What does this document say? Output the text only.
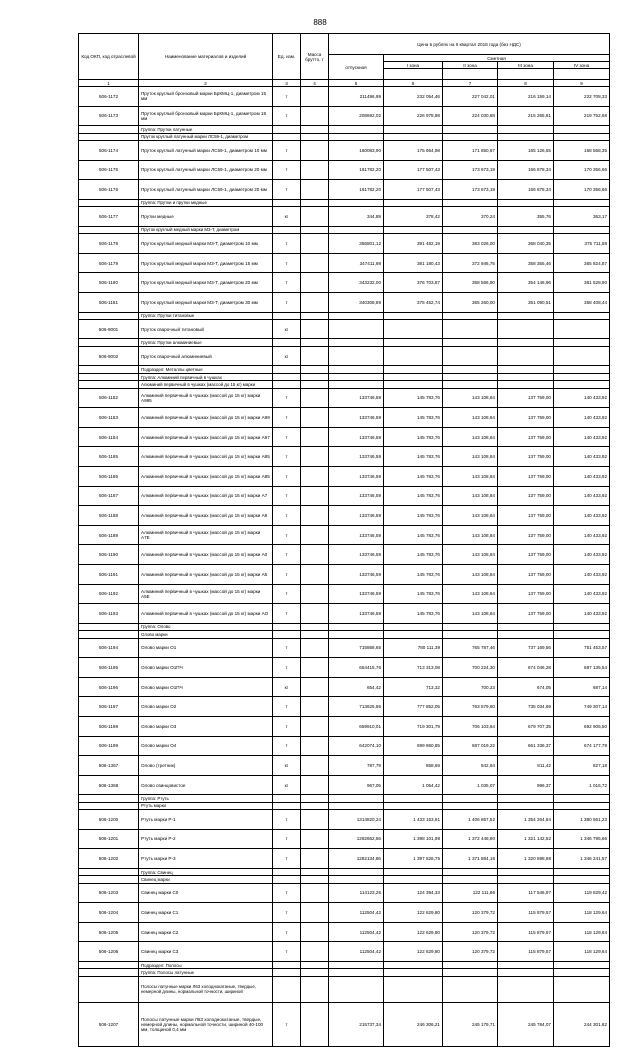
888
Код ОКП, код отраслевой	Наименование материалов и изделий	Ед. изм.	Масса брутто, т	Цена в рублях на II квартал 2018 года (без НДС)				
				отпускная	Сметная			
					I зона	II зона	III зона	IV зона

1	2	3	4	5	6	7	8	9
506-1172	Пруток круглый бронзовый марки БрКМЦ-1, диаметром 15 мм	т		211496,99	232 054,46	227 042,01	216 159,14	222 708,33
506-1173	Пруток круглый бронзовый марки БрКМЦ-1, диаметром 18 мм	т		208692,02	226 978,88	224 030,88	215 265,81	219 752,68
	Группа: Прутки латунные							
	Пруток круглый латунный марки ЛС59-1, диаметром							
506-1174	Пруток круглый латунный марки ЛС59-1, диаметром 10 мм	т		160083,90	175 664,98	171 850,67	165 126,55	168 568,35
506-1175	Пруток круглый латунный марки ЛС59-1, диаметром 20 мм	т		161782,20	177 507,43	173 673,19	166 878,34	170 356,66
506-1176	Пруток круглый латунный марки ЛС59-1, диаметром 20 мм	т		161782,20	177 507,43	173 673,19	166 878,34	170 356,66
	Группа: Прутки и прутки медные							
506-1177	Прутки медные	кг		344,89	378,42	370,24	355,76	363,17
	Пруток круглый медный марки М3-Т, диаметром							
506-1178	Пруток круглый медный марки М3-Т, диаметром 10 мм	т		356801,12	391 482,19	383 026,00	368 040,35	375 711,58
506-1179	Пруток круглый медный марки М3-Т, диаметром 15 мм	т		347411,98	381 180,43	372 946,76	358 355,46	365 824,87
506-1180	Пруток круглый медный марки М3-Т, диаметром 20 мм	т		343232,00	376 703,87	368 566,90	354 146,96	361 528,90
506-1181	Пруток круглый медный марки М3-Т, диаметром 30 мм	т		340308,89	375 452,74	365 260,00	351 090,51	358 408,44
	Группа: Прутки титановые							
506-9001	Пруток сварочный титановый	кг						
	Группа: Прутки алюминиевые							
506-9002	Пруток сварочный алюминиевый	кг						
	Подраздел: Металлы цветные							
	Группа: Алюминий первичный в чушках							
	Алюминий первичный в чушках (массой до 15 кг) марки							
506-1182	Алюминий первичный в чушках (массой до 15 кг) марки А995	т		133746,59	145 783,76	143 108,84	137 759,00	140 433,92
506-1183	Алюминий первичный в чушках (массой до 15 кг) марки А99	т		133746,59	145 783,76	143 108,84	137 759,00	140 433,92
506-1184	Алюминий первичный в чушках (массой до 15 кг) марки А97	т		133746,59	145 783,76	143 108,84	137 759,00	140 433,92
506-1185	Алюминий первичный в чушках (массой до 15 кг) марки А85	т		133746,59	145 783,76	143 108,84	137 759,00	140 433,92
506-1186	Алюминий первичный в чушках (массой до 15 кг) марки А85	т		133746,59	145 783,76	143 108,84	137 759,00	140 433,92
506-1187	Алюминий первичный в чушках (массой до 15 кг) марки А7	т		133746,59	145 783,76	143 108,84	137 759,00	140 433,92
506-1188	Алюминий первичный в чушках (массой до 15 кг) марки А8	т		133746,59	145 783,76	143 108,84	137 759,00	140 433,92
506-1189	Алюминий первичный в чушках (массой до 15 кг) марки А7Е	т		133746,59	145 783,76	143 108,84	137 759,00	140 433,92
506-1190	Алюминий первичный в чушках (массой до 15 кг) марки А0	т		133746,59	145 783,76	143 108,84	137 759,00	140 433,92
506-1191	Алюминий первичный в чушках (массой до 15 кг) марки А5	т		133746,59	145 783,76	143 108,84	137 759,00	140 433,92
506-1192	Алюминий первичный в чушках (массой до 15 кг) марки А5Е	т		133746,59	145 783,76	143 108,84	137 759,00	140 433,92
506-1193	Алюминий первичный в чушках (массой до 15 кг) марки АО	т		133746,59	145 783,76	143 108,84	137 759,00	140 433,92
	Группа: Олово							
	Олово марки							
506-1194	Олово марки О1	т		715868,65	780 111,39	765 787,46	737 169,56	751 453,57
506-1195	Олово марки О1ПЧ	т		654415,76	713 313,08	700 224,30	674 046,28	687 135,54
506-1196	Олово марки О1ПЧ	кг		654,42	713,32	700,23	674,05	687,14
506-1197	Олово марки О2	т		713625,86	777 852,05	763 579,60	735 034,69	749 307,14
506-1198	Олово марки О3	т		659910,01	719 301,79	706 103,64	679 707,35	692 905,50
506-1199	Олово марки О4	т		642074,10	699 860,85	687 019,22	661 336,37	674 177,79
506-1367	Олово (третник)	кг		787,79	858,69	842,94	811,42	827,18
506-1368	Олово свинцовистое	кг		967,05	1 054,42	1 035,07	996,37	1 015,72
	Группа: Ртуть							
	Ртуть марки							
506-1200	Ртуть марки Р-1	т		1314820,24	1 433 153,61	1 406 857,52	1 354 264,84	1 380 561,23
506-1201	Ртуть марки Р-2	т		1282662,56	1 398 101,98	1 372 448,80	1 321 142,52	1 346 795,66
506-1202	Ртуть марки Р-3	т		1282134,86	1 397 526,75	1 371 884,16	1 320 598,98	1 346 241,57
	Группа: Свинец							
	Свинец марки							
506-1203	Свинец марки С0	т		114123,26	124 394,33	122 111,86	117 546,97	119 829,42
506-1204	Свинец марки С1	т		112504,42	122 629,80	120 379,72	115 879,57	118 129,64
506-1205	Свинец марки С2	т		112504,42	122 629,80	120 379,72	115 879,57	118 129,64
506-1206	Свинец марки С3	т		112504,42	122 629,80	120 379,72	115 879,57	118 129,64
	Подраздел: Полосы							
	Группа: Полосы латунные							
	Полосы латунные марки Л63 холоднокатаные, твердые, немерной длины, нормальной точности, шириной							
506-1207	Полосы латунные марки Л63 холоднокатаные, твердые, немерной длины, нормальной точности, шириной 40-100 мм, толщиной 0,4 мм	т		215737,34	246 306,21	245 179,71	245 784,07	244 301,82
